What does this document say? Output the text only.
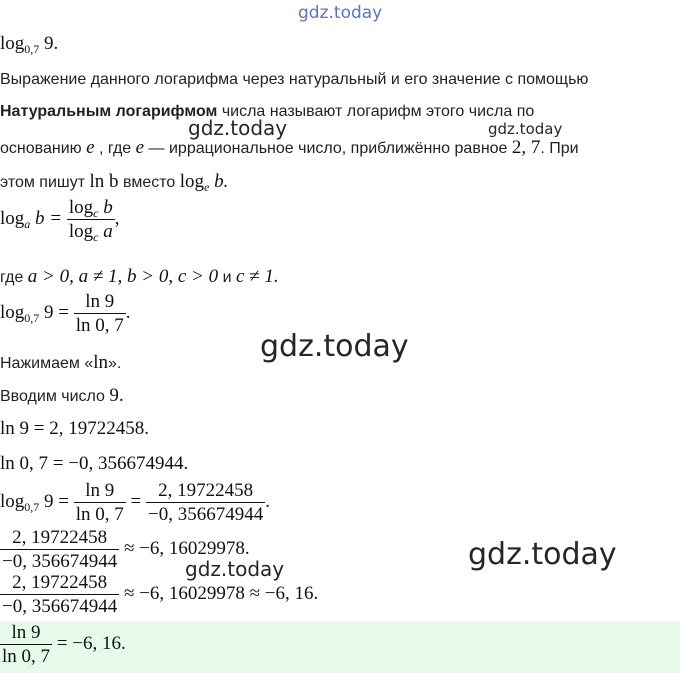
gdz.today
gdz.today	gdz.today
gdz.today
gdz.today
gdz.today
$\log_{0,7} 9$.
Выражение данного логарифма через натуральный и его значение с помощью
Натуральным логарифмом числа называют логарифм этого числа по
основанию e , где e — иррациональное число, приближённо равное 2, 7. При
этом пишут ln b вместо $\log_e b$.
$\log_a b = \frac{\log_c b}{\log_c a}$ ,
где a > 0, a ≠ 1, b > 0, c > 0 и c ≠ 1.
$\log_{0,7} 9 = \frac{\ln 9}{\ln 0, 7}$ .
Нажимаем «ln».
Вводим число 9.
ln 9 = 2, 19722458.
ln 0, 7 = −0, 356674944.
$\log_{0,7} 9 = \frac{\ln 9}{\ln 0, 7} = \frac{2, 19722458}{-0, 356674944}$ .
$\frac{2, 19722458}{-0, 356674944} \approx -6$, 16029978.
$\frac{2, 19722458}{-0, 356674944} \approx -6$, 16029978 ≈ −6, 16.
$\frac{\ln 9}{\ln 0, 7} = -6$, 16.
